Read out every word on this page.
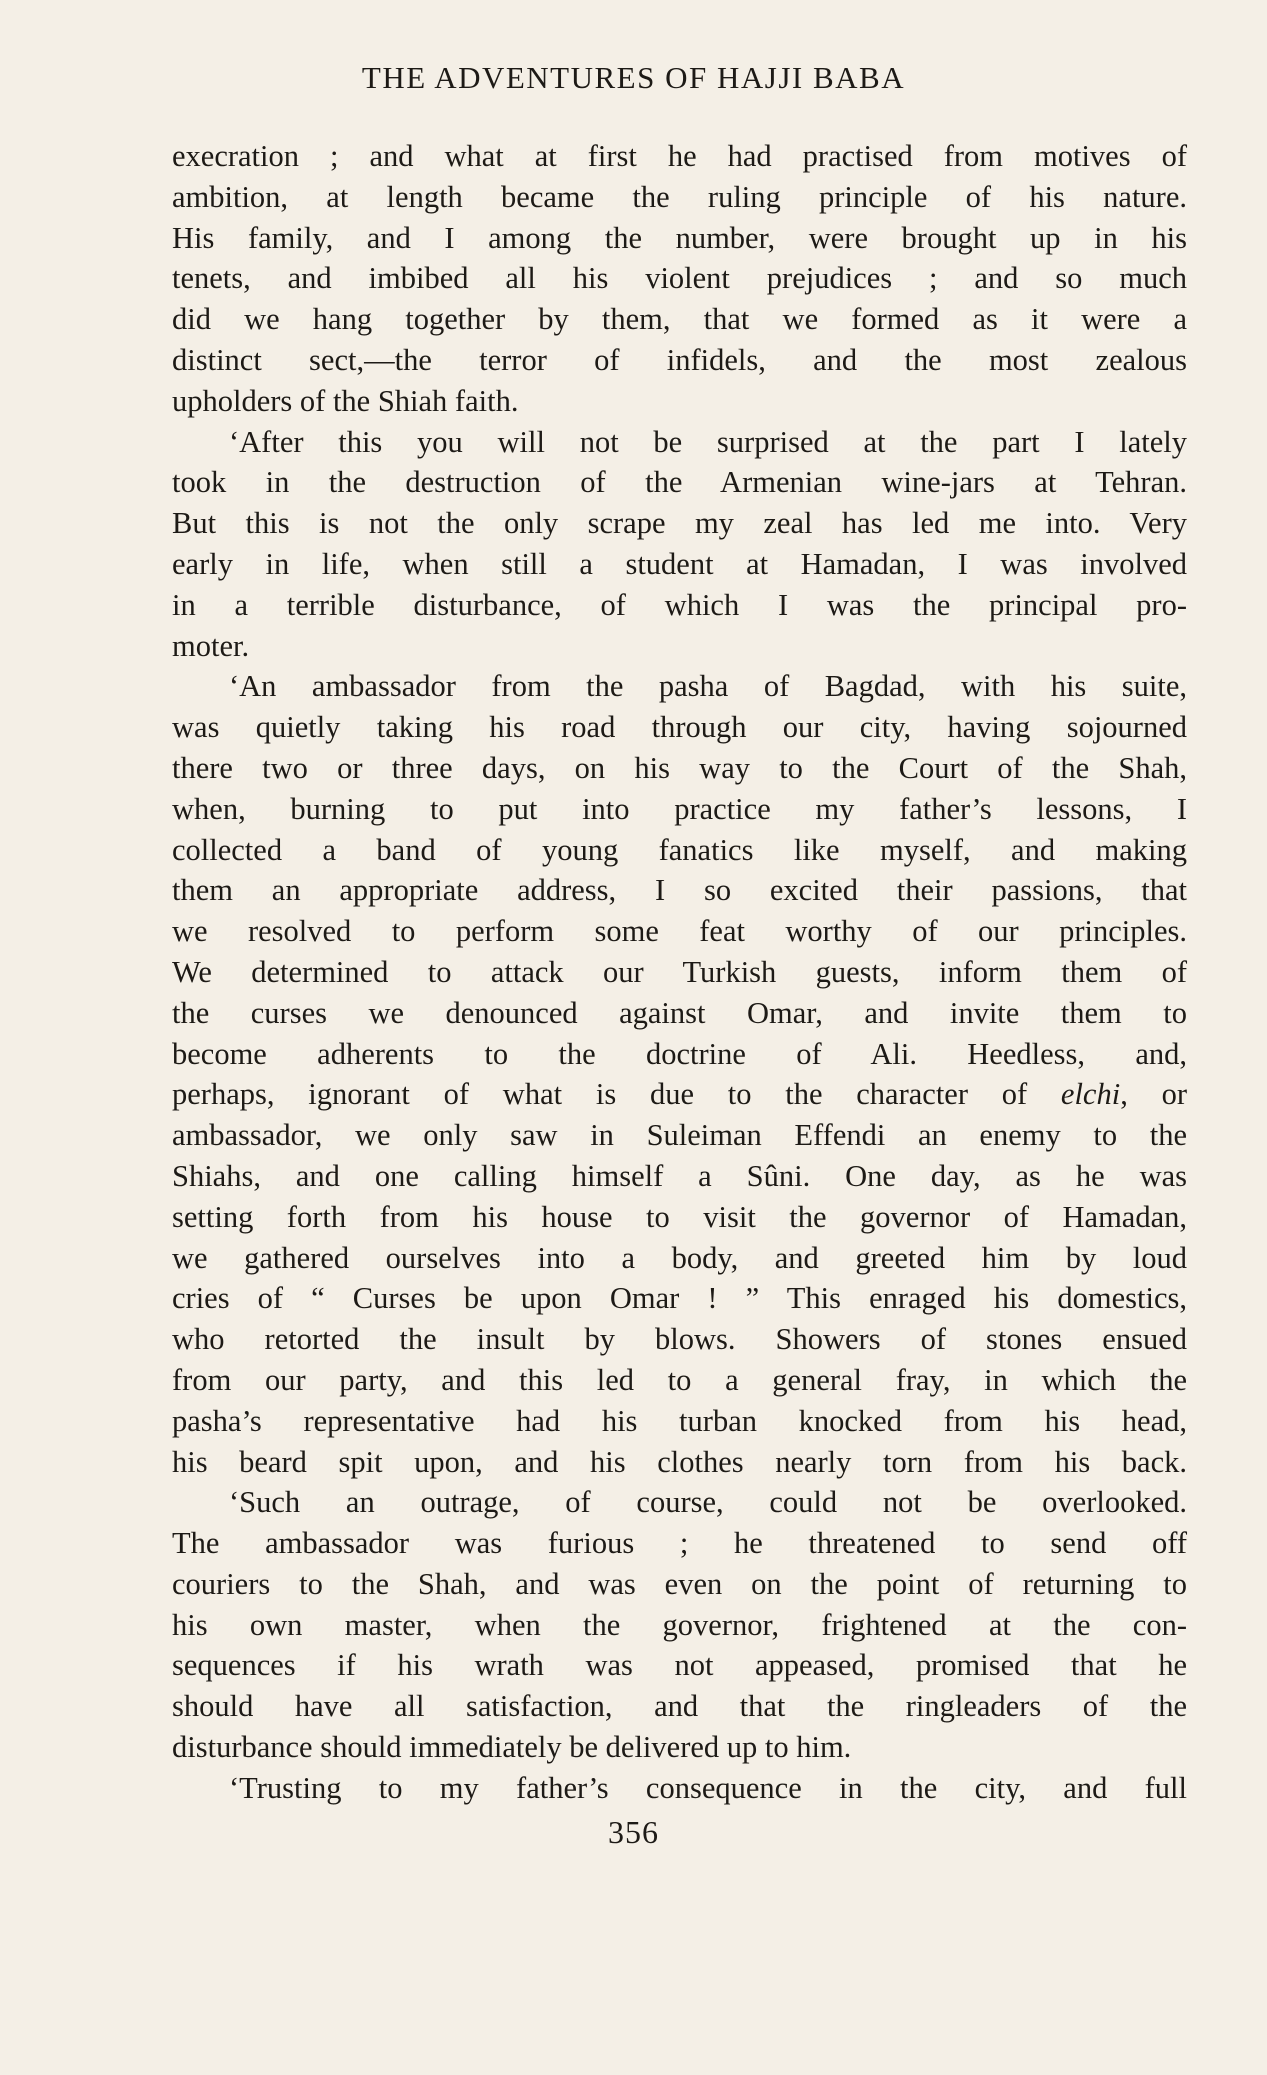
THE ADVENTURES OF HAJJI BABA
execration ; and what at first he had practised from motives of
ambition, at length became the ruling principle of his nature.
His family, and I among the number, were brought up in his
tenets, and imbibed all his violent prejudices ; and so much
did we hang together by them, that we formed as it were a
distinct sect,—the terror of infidels, and the most zealous
upholders of the Shiah faith.
‘After this you will not be surprised at the part I lately
took in the destruction of the Armenian wine-jars at Tehran.
But this is not the only scrape my zeal has led me into. Very
early in life, when still a student at Hamadan, I was involved
in a terrible disturbance, of which I was the principal pro-
moter.
‘An ambassador from the pasha of Bagdad, with his suite,
was quietly taking his road through our city, having sojourned
there two or three days, on his way to the Court of the Shah,
when, burning to put into practice my father’s lessons, I
collected a band of young fanatics like myself, and making
them an appropriate address, I so excited their passions, that
we resolved to perform some feat worthy of our principles.
We determined to attack our Turkish guests, inform them of
the curses we denounced against Omar, and invite them to
become adherents to the doctrine of Ali. Heedless, and,
perhaps, ignorant of what is due to the character of elchi, or
ambassador, we only saw in Suleiman Effendi an enemy to the
Shiahs, and one calling himself a Sûni. One day, as he was
setting forth from his house to visit the governor of Hamadan,
we gathered ourselves into a body, and greeted him by loud
cries of “ Curses be upon Omar ! ” This enraged his domestics,
who retorted the insult by blows. Showers of stones ensued
from our party, and this led to a general fray, in which the
pasha’s representative had his turban knocked from his head,
his beard spit upon, and his clothes nearly torn from his back.
‘Such an outrage, of course, could not be overlooked.
The ambassador was furious ; he threatened to send off
couriers to the Shah, and was even on the point of returning to
his own master, when the governor, frightened at the con-
sequences if his wrath was not appeased, promised that he
should have all satisfaction, and that the ringleaders of the
disturbance should immediately be delivered up to him.
‘Trusting to my father’s consequence in the city, and full
356
